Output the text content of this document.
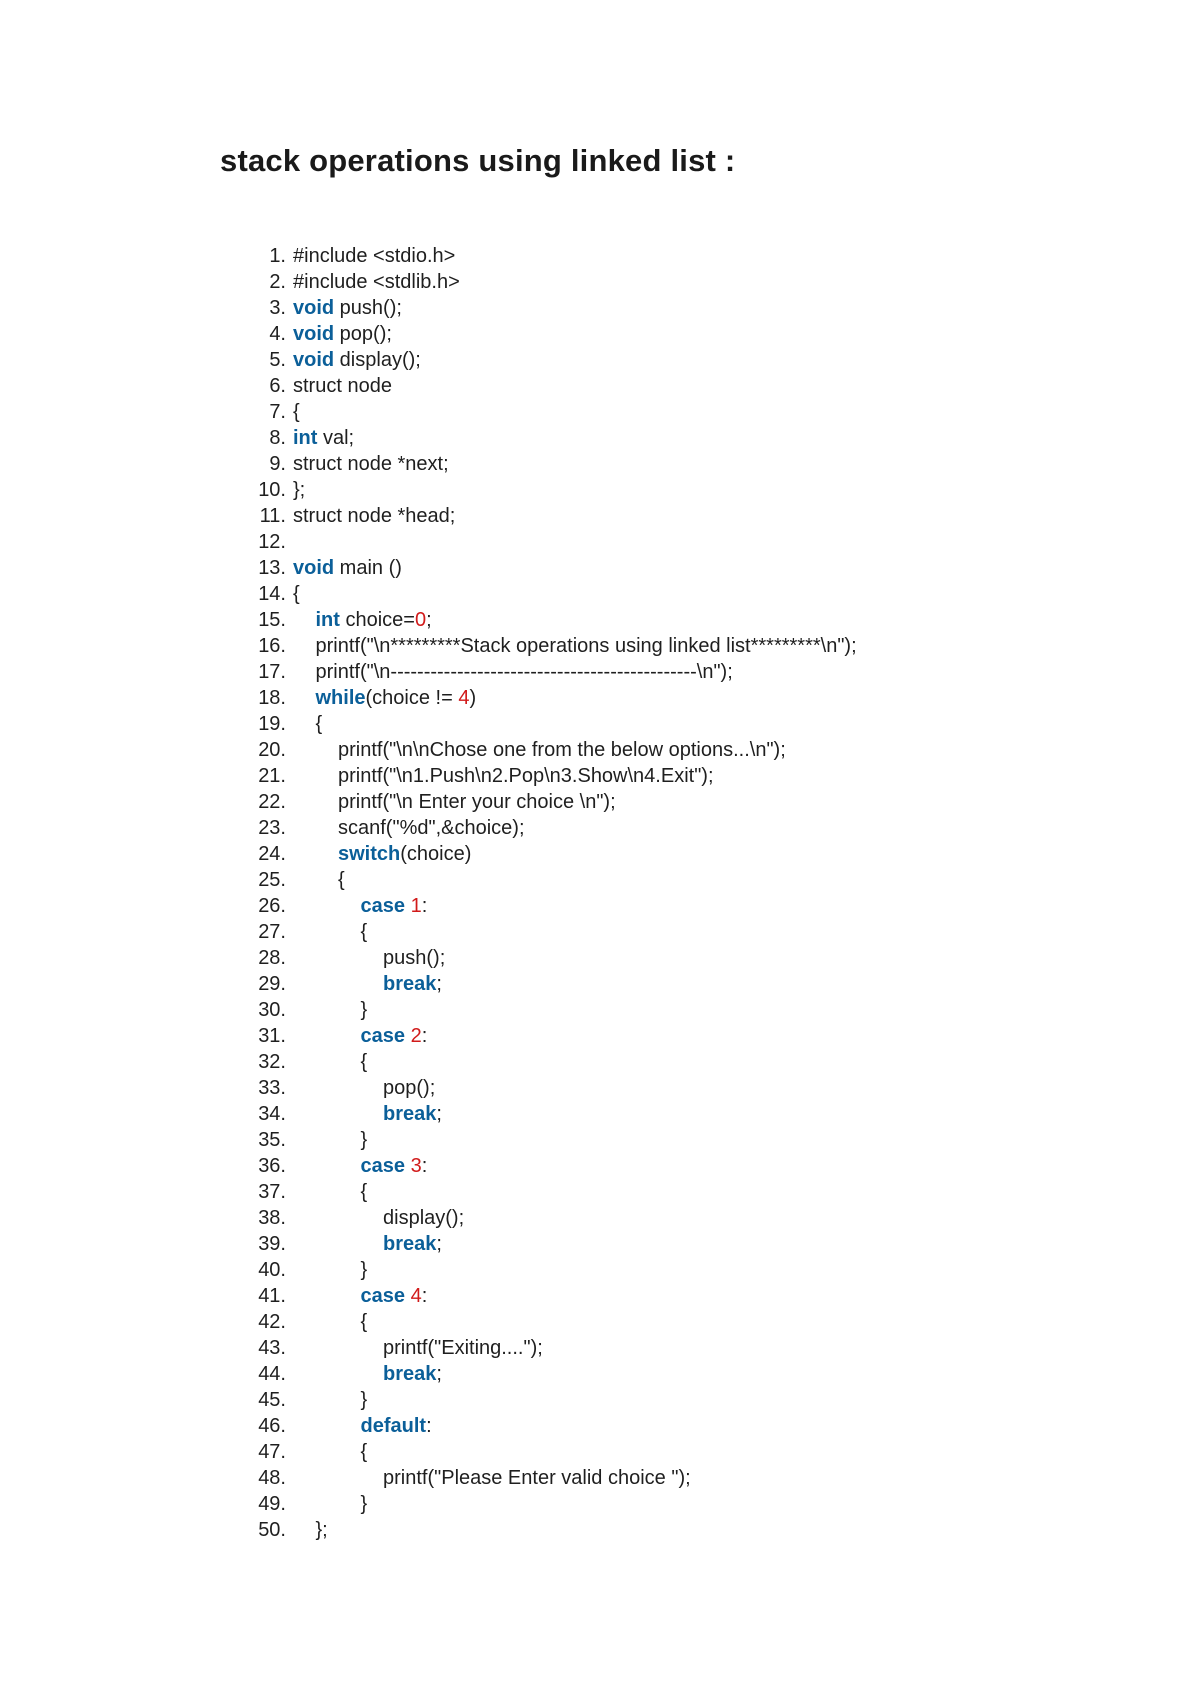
stack operations using linked list :
1. #include <stdio.h>
2. #include <stdlib.h>
3. void push();
4. void pop();
5. void display();
6. struct node
7. {
8. int val;
9. struct node *next;
10. };
11. struct node *head;
12.
13. void main ()
14. {
15. int choice=0;
16. printf("\n*********Stack operations using linked list*********\n");
17. printf("\n----------------------------------------------\n");
18. while(choice != 4)
19. {
20.	printf("\n\nChose one from the below options...\n");
21.	printf("\n1.Push\n2.Pop\n3.Show\n4.Exit");
22.	printf("\n Enter your choice \n");
23.	scanf("%d",&choice);
24.	switch(choice)
25.	{
26.	case 1:
27.	{
28.	push();
29.	break;
30.	}
31.	case 2:
32.	{
33.	pop();
34.	break;
35.	}
36.	case 3:
37.	{
38.	display();
39.	break;
40.	}
41.	case 4:
42.	{
43.	printf("Exiting....");
44.	break;
45.	}
46.	default:
47.	{
48.	printf("Please Enter valid choice ");
49.	}
50. };
